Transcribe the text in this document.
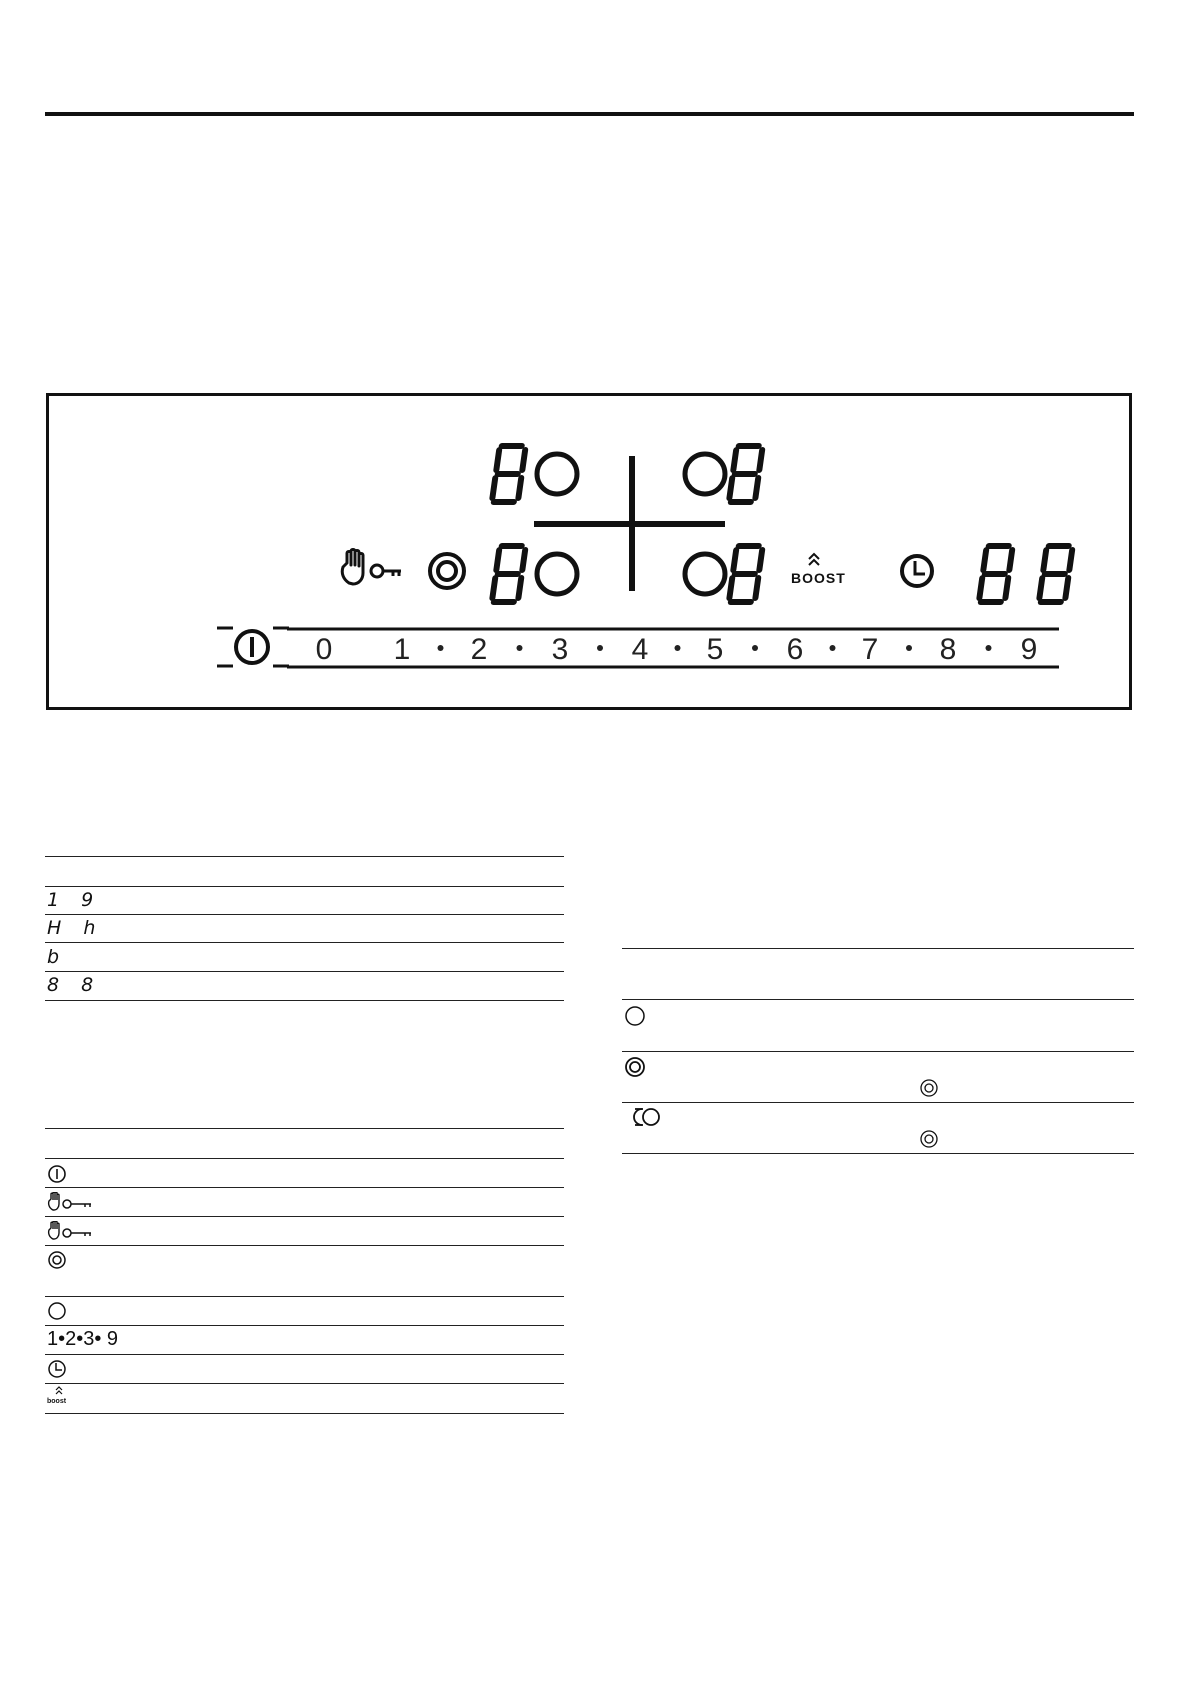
BOOST
0 1 2 3 4 5 6 7 8 9
1 9
H h
b
8 8
1•2•3• 9
boost
